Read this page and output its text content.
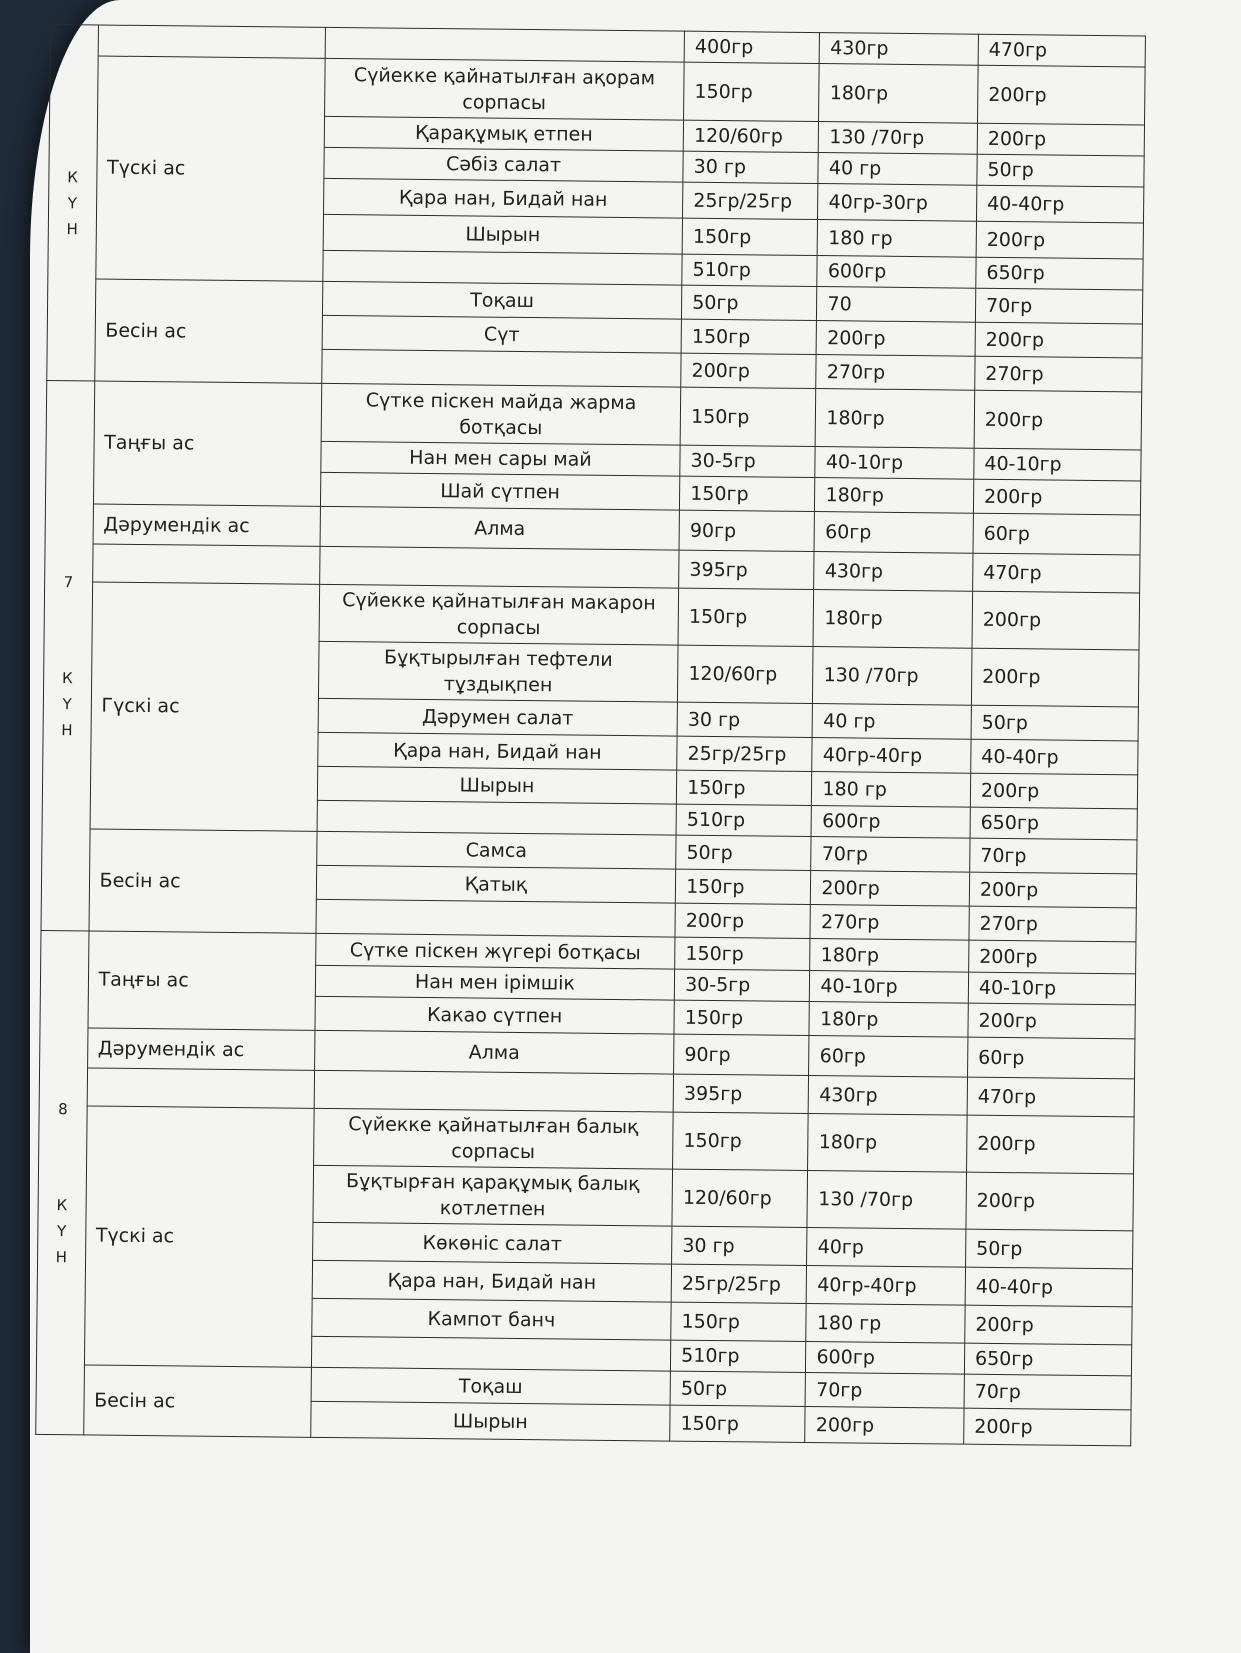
К
Ү
Н			400гр	430гр	470гр
	Түскі ас	Сүйекке қайнатылған ақорам сорпасы	150гр	180гр	200гр
		Қарақұмық етпен	120/60гр	130 /70гр	200гр
		Сәбіз салат	30 гр	40 гр	50гр
		Қара нан, Бидай нан	25гр/25гр	40гр-30гр	40-40гр
		Шырын	150гр	180 гр	200гр
			510гр	600гр	650гр
	Бесін ас	Тоқаш	50гр	70	70гр
		Сүт	150гр	200гр	200гр
			200гр	270гр	270гр

7
К
Ү
Н	Таңғы ас	Сүтке піскен майда жарма ботқасы	150гр	180гр	200гр
		Нан мен сары май	30-5гр	40-10гр	40-10гр
		Шай сүтпен	150гр	180гр	200гр
	Дәрумендік ас	Алма	90гр	60гр	60гр
			395гр	430гр	470гр
	Гүскі ас	Сүйекке қайнатылған макарон сорпасы	150гр	180гр	200гр
		Бұқтырылған тефтели тұздықпен	120/60гр	130 /70гр	200гр
		Дәрумен салат	30 гр	40 гр	50гр
		Қара нан, Бидай нан	25гр/25гр	40гр-40гр	40-40гр
		Шырын	150гр	180 гр	200гр
			510гр	600гр	650гр
	Бесін ас	Самса	50гр	70гр	70гр
		Қатық	150гр	200гр	200гр
			200гр	270гр	270гр

8
К
Ү
Н	Таңғы ас	Сүтке піскен жүгері ботқасы	150гр	180гр	200гр
		Нан мен ірімшік	30-5гр	40-10гр	40-10гр
		Какао сүтпен	150гр	180гр	200гр
	Дәрумендік ас	Алма	90гр	60гр	60гр
			395гр	430гр	470гр
	Түскі ас	Сүйекке қайнатылған балық сорпасы	150гр	180гр	200гр
		Бұқтырған қарақұмық балық котлетпен	120/60гр	130 /70гр	200гр
		Көкөніс салат	30 гр	40гр	50гр
		Қара нан, Бидай нан	25гр/25гр	40гр-40гр	40-40гр
		Кампот банч	150гр	180 гр	200гр
			510гр	600гр	650гр
	Бесін ас	Тоқаш	50гр	70гр	70гр
		Шырын	150гр	200гр	200гр
